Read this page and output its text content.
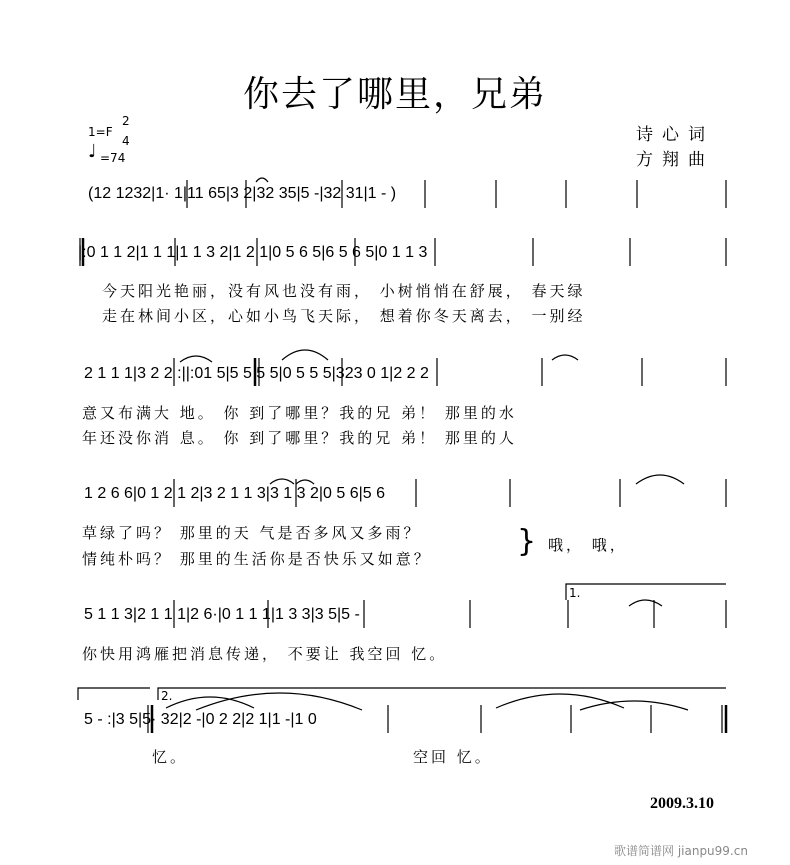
你去了哪里，兄弟
1=F
2
4
♩ =74
诗心词
方翔曲
(12 1232|1· 1|11 65|3 2|32 35|5 -|32 31|1 - )
|:0 1 1 2|1 1 1|1 1 3 2|1 2 1|0 5 6 5|6 5 6 5|0 1 1 3
今天阳光艳丽，没有风也没有雨， 小树悄悄在舒展， 春天绿
走在林间小区，心如小鸟飞天际， 想着你冬天离去， 一别经
2 1 1 1|3 2 2 :||:01 5|5 5 5 5|0 5 5 5|323 0 1|2 2 2
意又布满大 地。 你 到了哪里？我的兄 弟！ 那里的水
年还没你消 息。 你 到了哪里？我的兄 弟！ 那里的人
1 2 6 6|0 1 2 1 2|3 2 1 1 3|3 1 3 2|0 5 6|5 6
草绿了吗？ 那里的天 气是否多风又多雨？
情纯朴吗？ 那里的生活你是否快乐又如意？	} 哦， 哦，
1.
5 1 1 3|2 1 1 1|2 6·|0 1 1 1|1 3 3|3 5|5 -
你快用鸿雁把消息传递， 不要让 我空回 忆。
2.
5 - :|3 5|5· 32|2 -|0 2 2|2 1|1 -|1 0
忆。	空回 忆。
2009.3.10
歌谱简谱网 jianpu99.cn
